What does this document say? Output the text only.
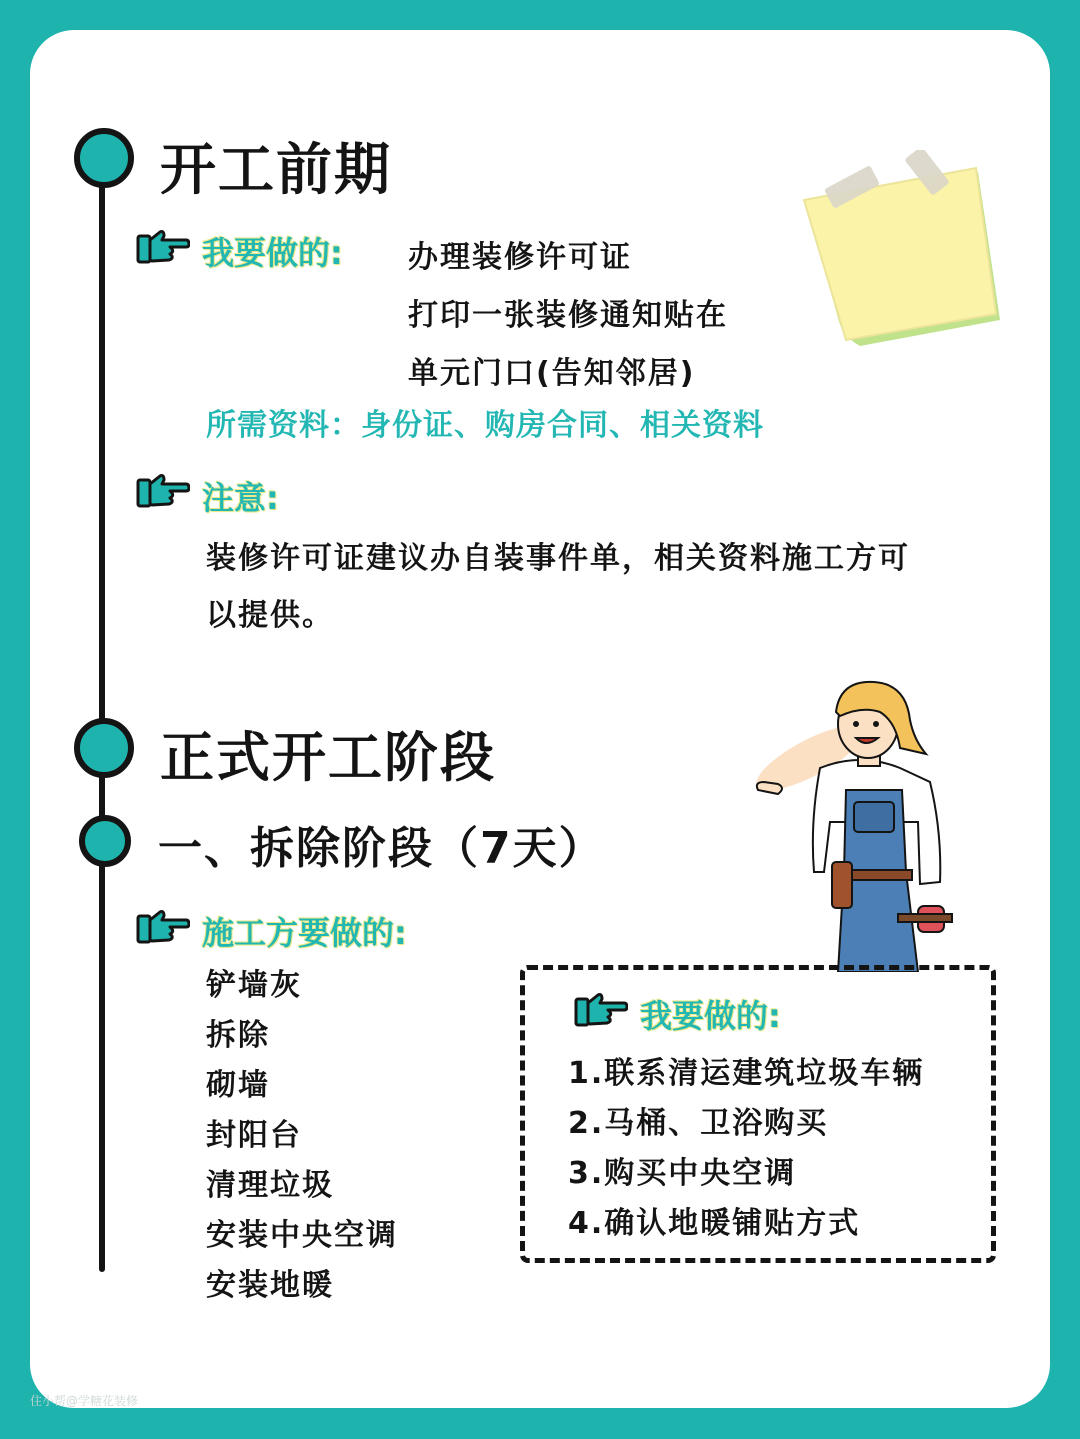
开工前期
我要做的: 办理装修许可证
打印一张装修通知贴在
单元门口(告知邻居)
所需资料：身份证、购房合同、相关资料
注意:
装修许可证建议办自装事件单，相关资料施工方可
以提供。
正式开工阶段
一、拆除阶段（7天）
施工方要做的:
铲墙灰
拆除
砌墙
封阳台
清理垃圾
安装中央空调
安装地暖
我要做的:
1.联系清运建筑垃圾车辆
2.马桶、卫浴购买
3.购买中央空调
4.确认地暖铺贴方式
住小帮@学糖花装修
